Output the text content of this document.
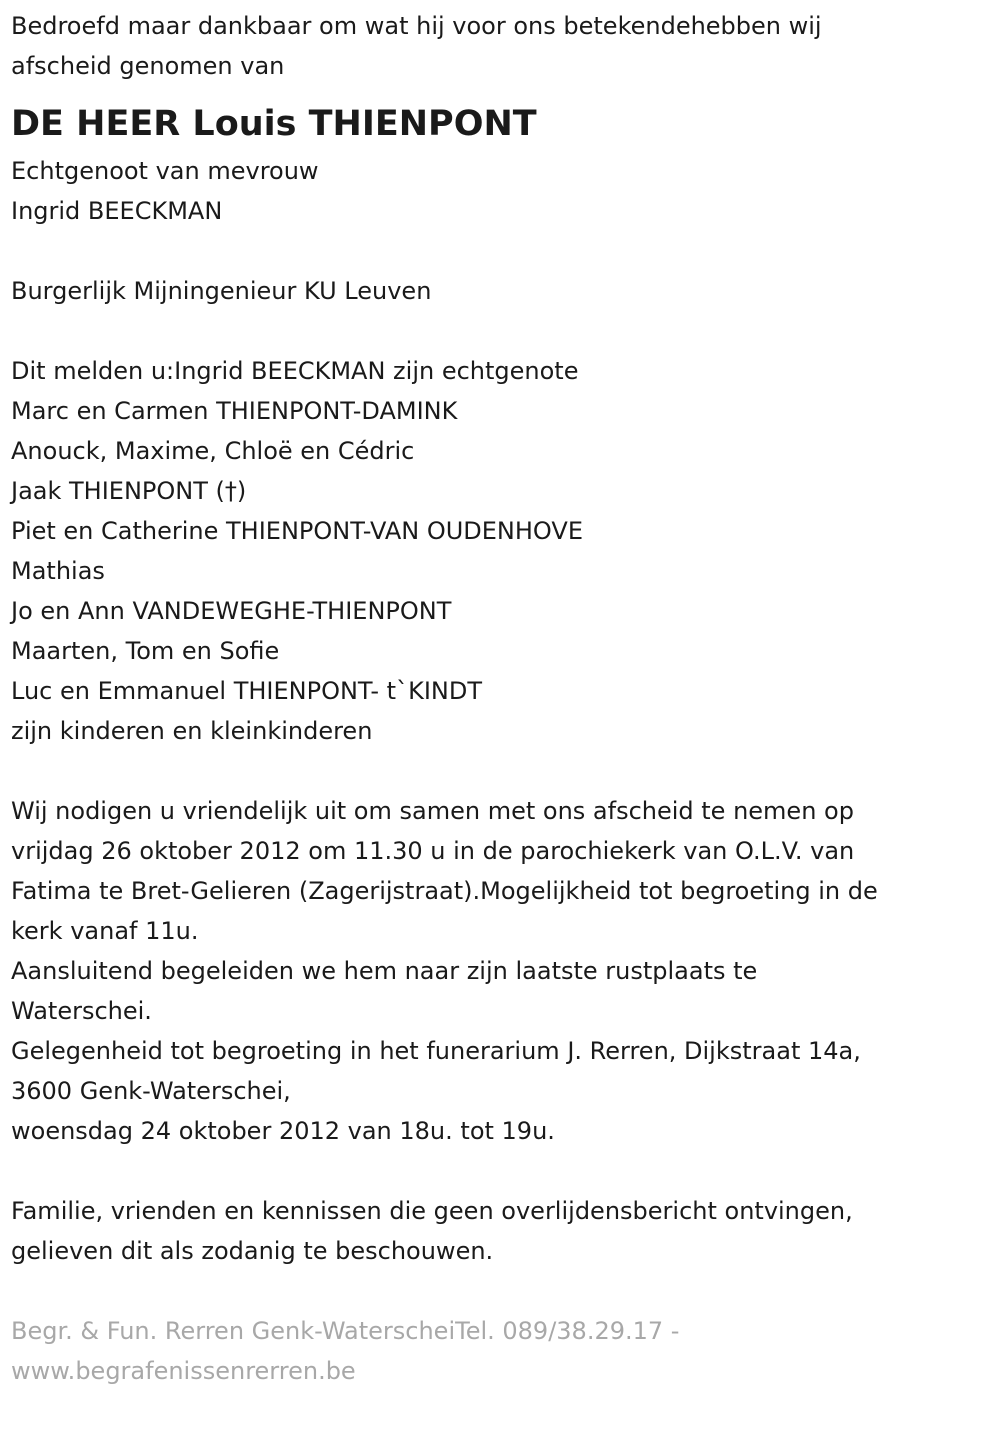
Bedroefd maar dankbaar om wat hij voor ons betekendehebben wij

afscheid genomen van

DE HEER Louis THIENPONT

Echtgenoot van mevrouw

Ingrid BEECKMAN

Burgerlijk Mijningenieur KU Leuven

Dit melden u:Ingrid BEECKMAN zijn echtgenote

Marc en Carmen THIENPONT-DAMINK

Anouck, Maxime, Chloë en Cédric

Jaak THIENPONT (†)

Piet en Catherine THIENPONT-VAN OUDENHOVE

Mathias

Jo en Ann VANDEWEGHE-THIENPONT

Maarten, Tom en Sofie

Luc en Emmanuel THIENPONT- t`KINDT

zijn kinderen en kleinkinderen

Wij nodigen u vriendelijk uit om samen met ons afscheid te nemen op

vrijdag 26 oktober 2012 om 11.30 u in de parochiekerk van O.L.V. van

Fatima te Bret-Gelieren (Zagerijstraat).Mogelijkheid tot begroeting in de

kerk vanaf 11u.

Aansluitend begeleiden we hem naar zijn laatste rustplaats te

Waterschei.

Gelegenheid tot begroeting in het funerarium J. Rerren, Dijkstraat 14a,

3600 Genk-Waterschei,

woensdag 24 oktober 2012 van 18u. tot 19u.

Familie, vrienden en kennissen die geen overlijdensbericht ontvingen,

gelieven dit als zodanig te beschouwen.

Begr. & Fun. Rerren Genk-WaterscheiTel. 089/38.29.17 -

www.begrafenissenrerren.be
